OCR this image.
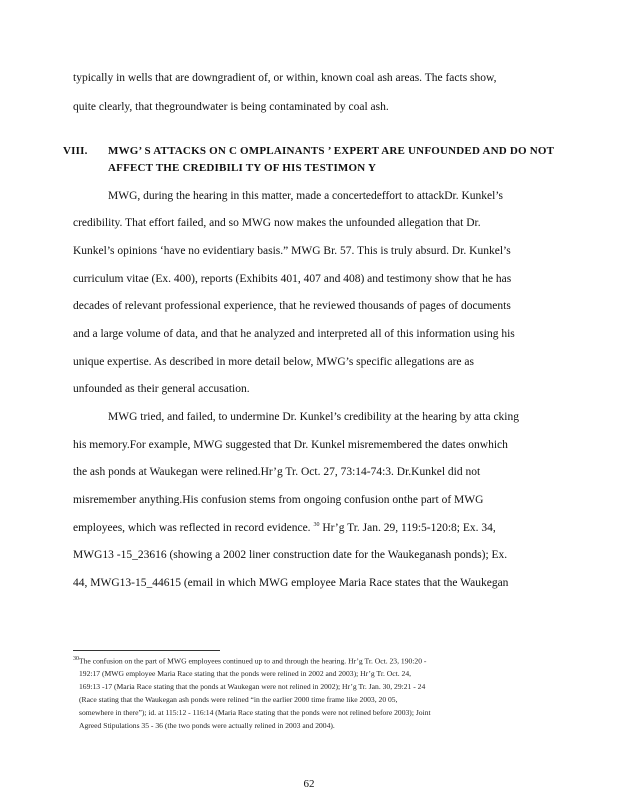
typically in wells that are downgradient of, or within, known coal ash areas. The facts show,
quite clearly, that thegroundwater is being contaminated by coal ash.
VIII. MWG’ S ATTACKS ON C OMPLAINANTS ’ EXPERT ARE UNFOUNDED AND DO NOT
AFFECT THE CREDIBILI TY OF HIS TESTIMON Y
MWG, during the hearing in this matter, made a concertedeffort to attackDr. Kunkel’s
credibility. That effort failed, and so MWG now makes the unfounded allegation that Dr.
Kunkel’s opinions ‘have no evidentiary basis.” MWG Br. 57. This is truly absurd. Dr. Kunkel’s
curriculum vitae (Ex. 400), reports (Exhibits 401, 407 and 408) and testimony show that he has
decades of relevant professional experience, that he reviewed thousands of pages of documents
and a large volume of data, and that he analyzed and interpreted all of this information using his
unique expertise. As described in more detail below, MWG’s specific allegations are as
unfounded as their general accusation.
MWG tried, and failed, to undermine Dr. Kunkel’s credibility at the hearing by atta cking
his memory.For example, MWG suggested that Dr. Kunkel misremembered the dates onwhich
the ash ponds at Waukegan were relined.Hr’g Tr. Oct. 27, 73:14-74:3. Dr.Kunkel did not
misremember anything.His confusion stems from ongoing confusion onthe part of MWG
employees, which was reflected in record evidence. $^{30}$ Hr’g Tr. Jan. 29, 119:5-120:8; Ex. 34,
MWG13 -15_23616 (showing a 2002 liner construction date for the Waukeganash ponds); Ex.
44, MWG13-15_44615 (email in which MWG employee Maria Race states that the Waukegan
$^{30}$The confusion on the part of MWG employees continued up to and through the hearing. Hr’g Tr. Oct. 23, 190:20 -
192:17 (MWG employee Maria Race stating that the ponds were relined in 2002 and 2003); Hr’g Tr. Oct. 24,
169:13 -17 (Maria Race stating that the ponds at Waukegan were not relined in 2002); Hr’g Tr. Jan. 30, 29:21 - 24
(Race stating that the Waukegan ash ponds were relined “in the earlier 2000 time frame like 2003, 20 05,
somewhere in there”); id. at 115:12 - 116:14 (Maria Race stating that the ponds were not relined before 2003); Joint
Agreed Stipulations 35 - 36 (the two ponds were actually relined in 2003 and 2004).
62
